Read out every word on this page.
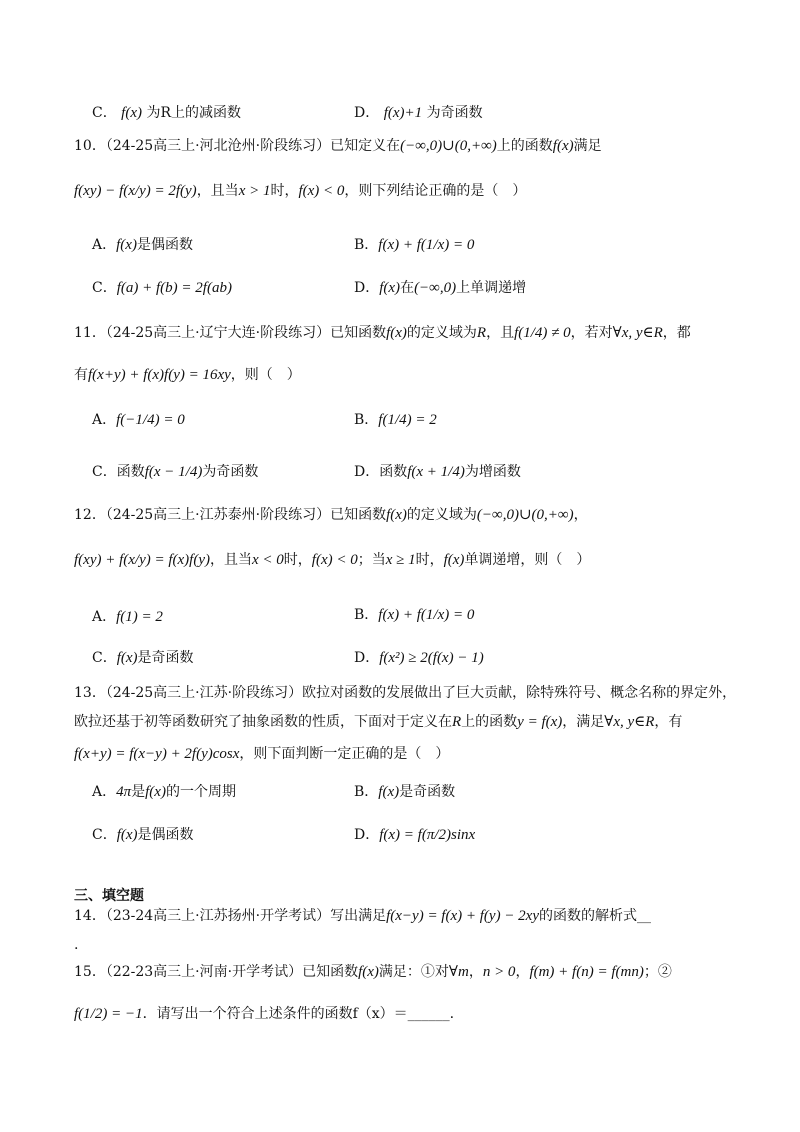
C． f(x) 为R上的减函数	D． f(x)+1 为奇函数
10．（24-25高三上·河北沧州·阶段练习）已知定义在(−∞,0)∪(0,+∞)上的函数f(x)满足
f(xy) − f(x/y) = 2f(y)，且当x > 1时，f(x) < 0，则下列结论正确的是（　）
A．f(x)是偶函数	B．f(x) + f(1/x) = 0
C．f(a) + f(b) = 2f(ab)	D．f(x)在(−∞,0)上单调递增
11．（24-25高三上·辽宁大连·阶段练习）已知函数f(x)的定义域为R，且f(1/4) ≠ 0，若对∀x, y∈R，都
有f(x+y) + f(x)f(y) = 16xy，则（　）
A．f(−1/4) = 0	B．f(1/4) = 2
C．函数f(x − 1/4)为奇函数	D．函数f(x + 1/4)为增函数
12．（24-25高三上·江苏泰州·阶段练习）已知函数f(x)的定义域为(−∞,0)∪(0,+∞)，
f(xy) + f(x/y) = f(x)f(y)，且当x < 0时，f(x) < 0；当x ≥ 1时，f(x)单调递增，则（　）
A．f(1) = 2	B．f(x) + f(1/x) = 0
C．f(x)是奇函数	D．f(x²) ≥ 2(f(x) − 1)
13．（24-25高三上·江苏·阶段练习）欧拉对函数的发展做出了巨大贡献，除特殊符号、概念名称的界定外，
欧拉还基于初等函数研究了抽象函数的性质，下面对于定义在R上的函数y = f(x)，满足∀x, y∈R，有
f(x+y) = f(x−y) + 2f(y)cosx，则下面判断一定正确的是（　）
A．4π是f(x)的一个周期	B．f(x)是奇函数
C．f(x)是偶函数	D．f(x) = f(π/2)sinx
三、填空题
14．（23-24高三上·江苏扬州·开学考试）写出满足f(x−y) = f(x) + f(y) − 2xy的函数的解析式__
.
15．（22-23高三上·河南·开学考试）已知函数f(x)满足：①对∀m，n > 0，f(m) + f(n) = f(mn)；②
f(1/2) = −1．请写出一个符合上述条件的函数f（x）＝______.
